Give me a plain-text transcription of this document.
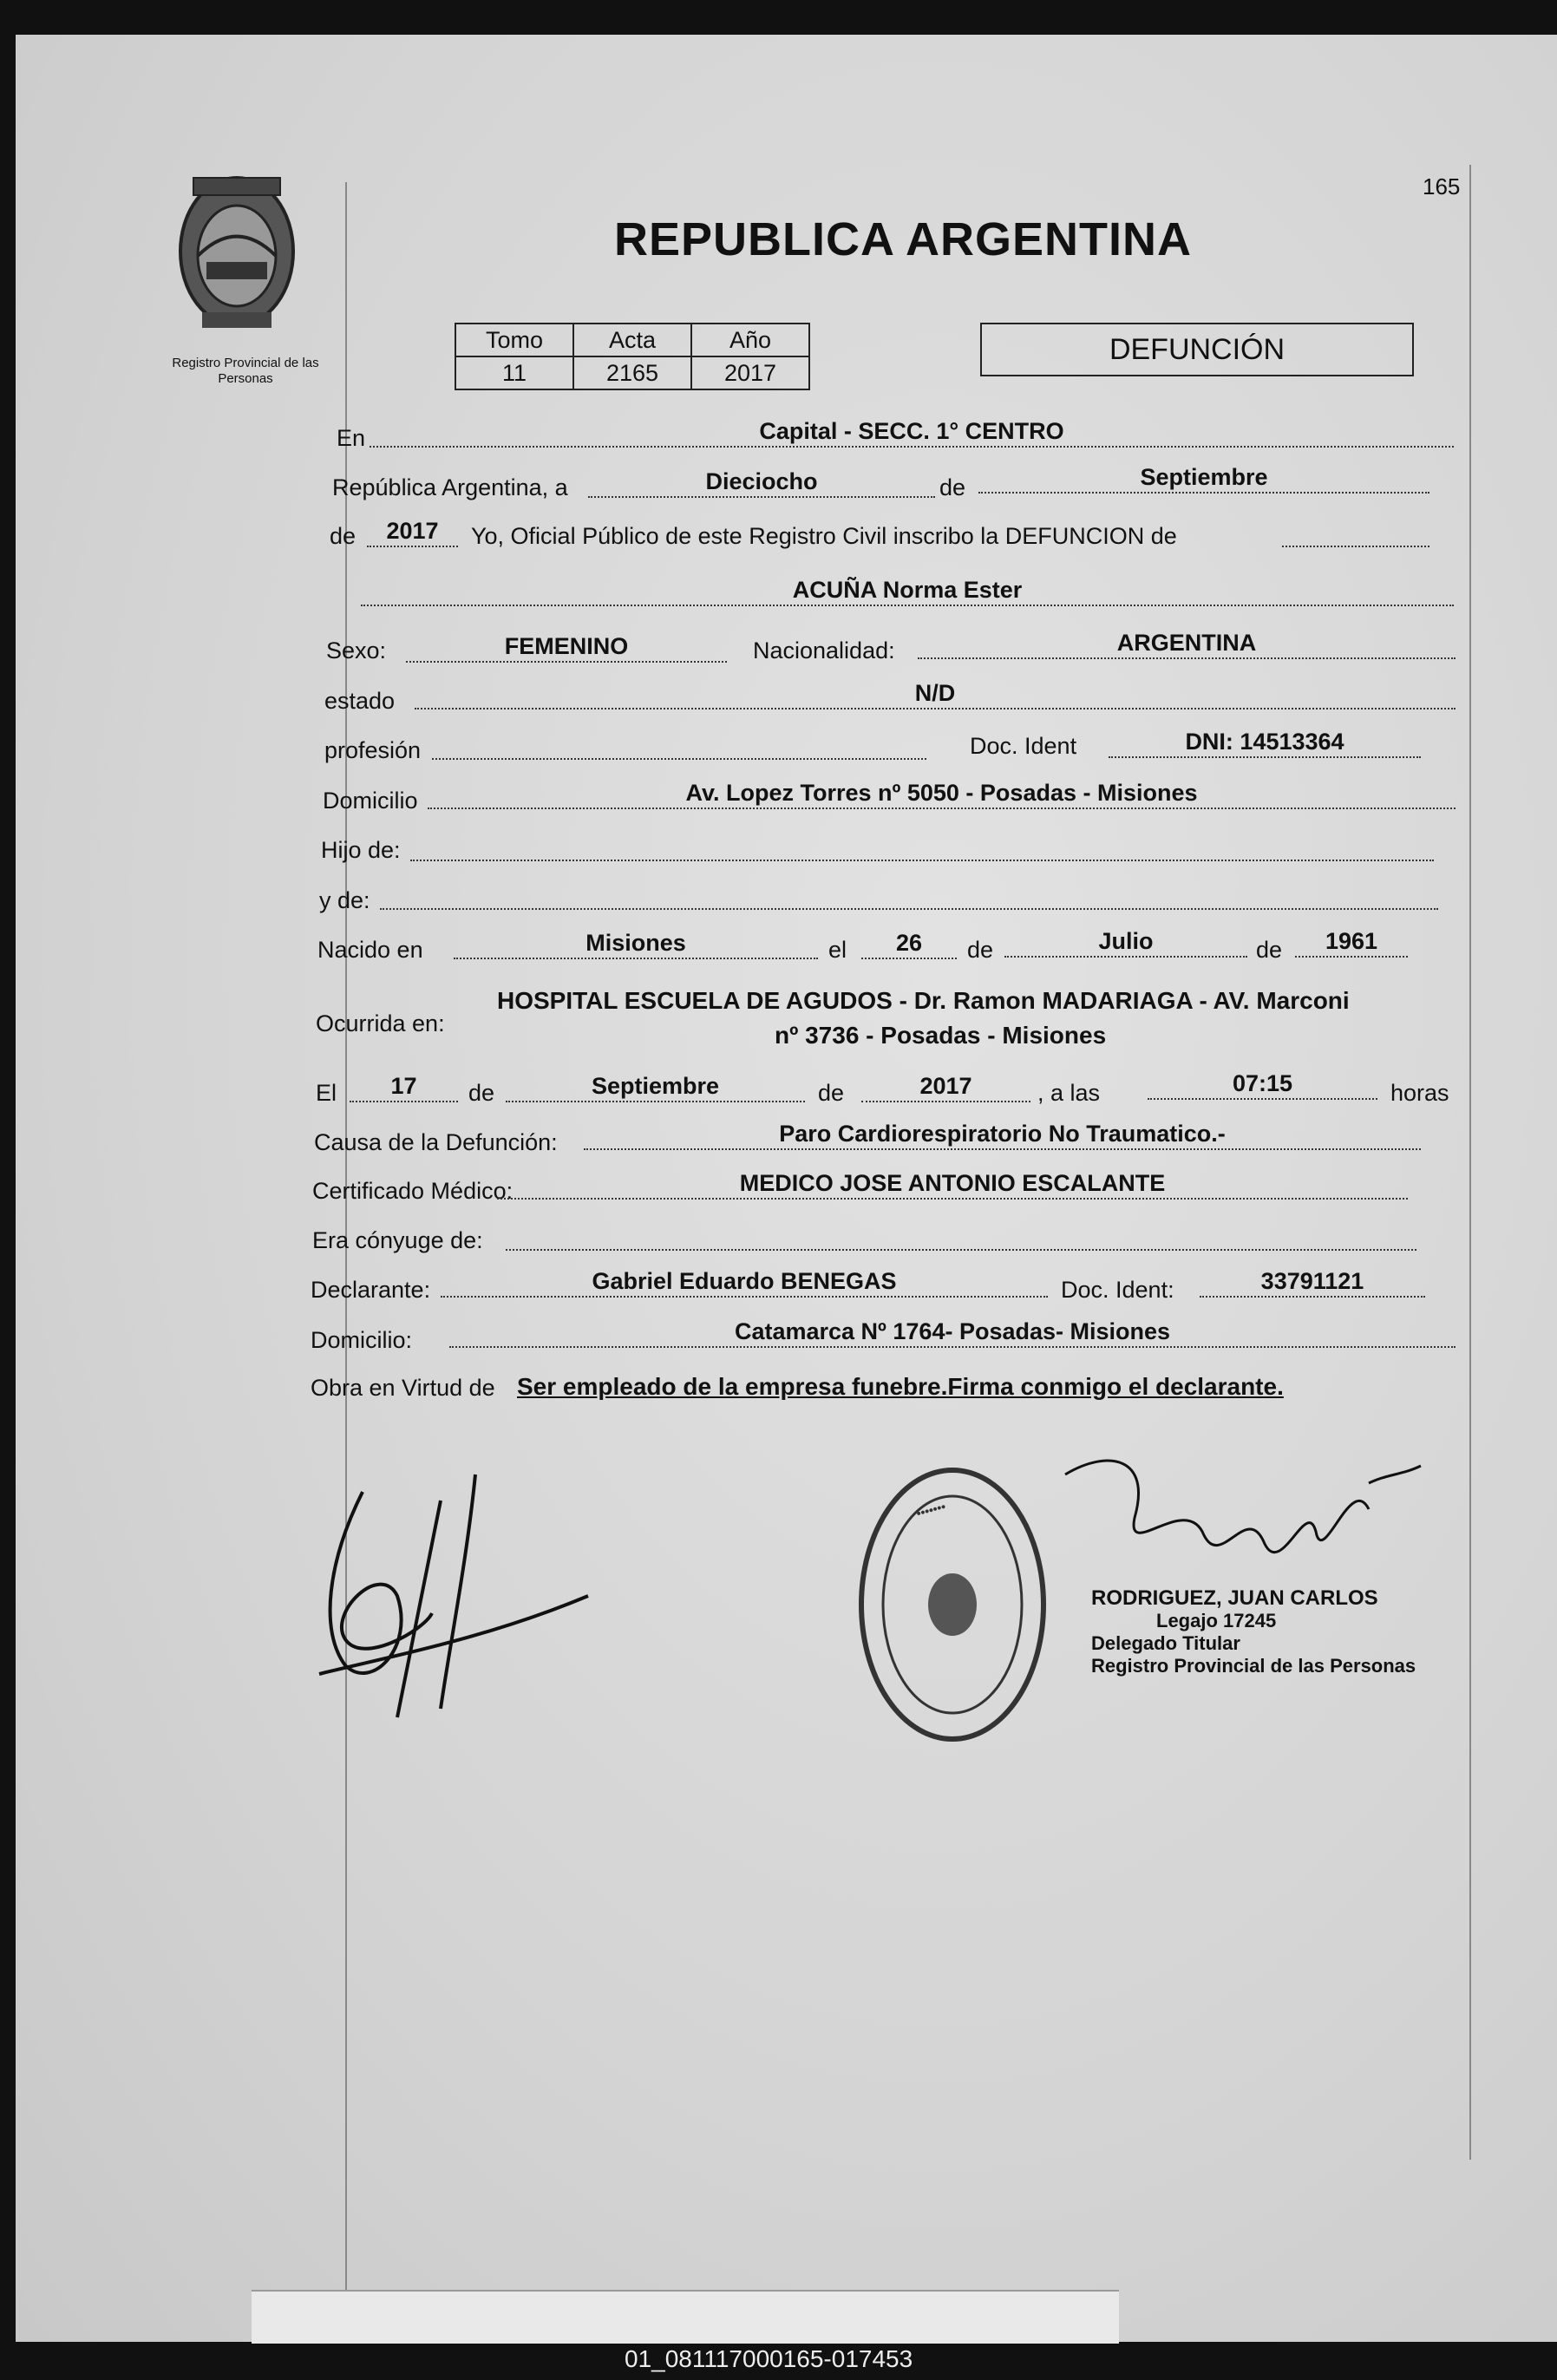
Registro Provincial de las Personas
165
REPUBLICA ARGENTINA
Tomo	Acta	Año
11	2165	2017
DEFUNCIÓN
En	Capital - SECC. 1° CENTRO
República Argentina, a	Dieciocho	de	Septiembre
de	2017	Yo, Oficial Público de este Registro Civil inscribo la DEFUNCION de
ACUÑA Norma Ester
Sexo:	FEMENINO	Nacionalidad:	ARGENTINA
estado	N/D
profesión	Doc. Ident	DNI: 14513364
Domicilio	Av. Lopez Torres nº 5050 - Posadas - Misiones
Hijo de:
y de:
Nacido en	Misiones	el	26	de	Julio	de	1961
Ocurrida en:
HOSPITAL ESCUELA DE AGUDOS - Dr. Ramon MADARIAGA - AV. Marconi
nº 3736 - Posadas - Misiones
El	17	de	Septiembre	de	2017	, a las	07:15	horas
Causa de la Defunción:	Paro Cardiorespiratorio No Traumatico.-
Certificado Médico:	MEDICO JOSE ANTONIO ESCALANTE
Era cónyuge de:
Declarante:	Gabriel Eduardo BENEGAS	Doc. Ident:	33791121
Domicilio:	Catamarca Nº 1764- Posadas- Misiones
Obra en Virtud de Ser empleado de la empresa funebre.Firma conmigo el declarante.
•••••••
RODRIGUEZ, JUAN CARLOS
Legajo 17245
Delegado Titular
Registro Provincial de las Personas
01_081117000165-017453
